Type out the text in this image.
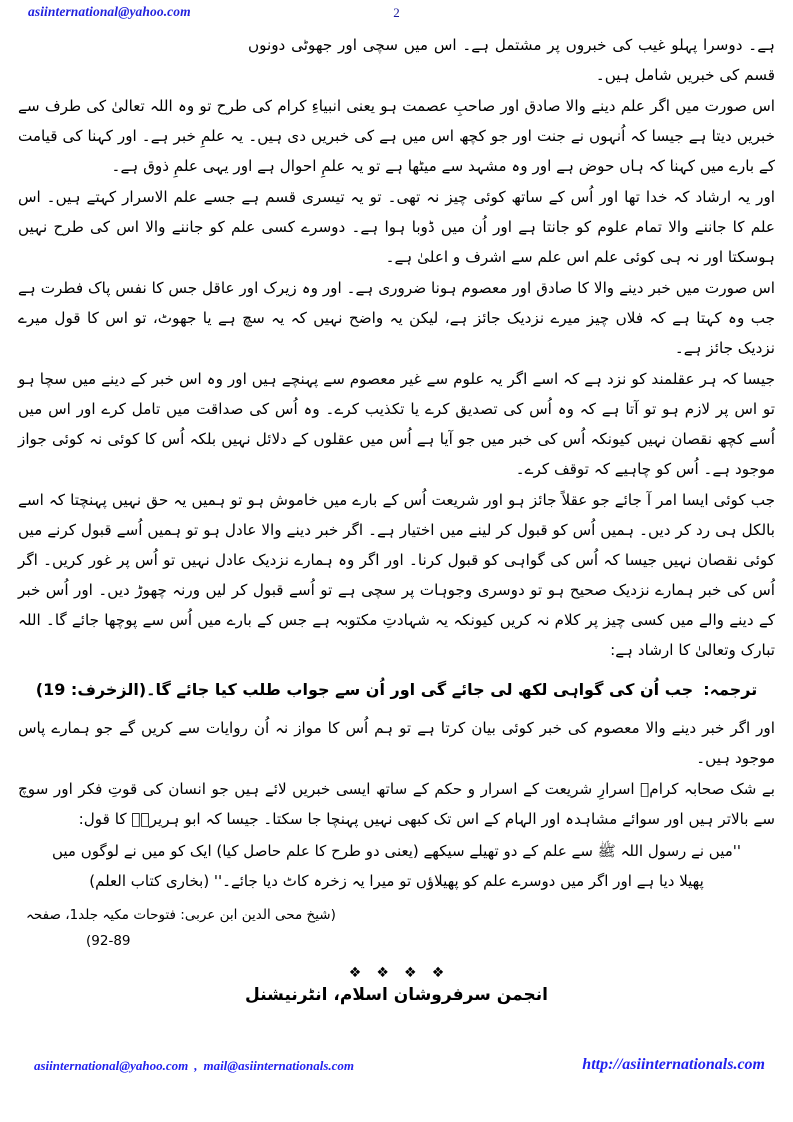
asiinternational@yahoo.com	2

ہے۔ دوسرا پہلو غیب کی خبروں پر مشتمل ہے۔ اس میں سچی اور جھوٹی دونوں قسم کی خبریں شامل ہیں۔

اس صورت میں اگر علم دینے والا صادق اور صاحبِ عصمت ہو یعنی انبیاءِ کرام کی طرح تو وہ اللہ تعالیٰ کی طرف سے خبریں دیتا ہے جیسا کہ اُنہوں نے جنت اور جو کچھ اس میں ہے کی خبریں دی ہیں۔ یہ علمِ خبر ہے۔ اور کہنا کی قیامت کے بارے میں کہنا کہ ہاں حوض ہے اور وہ مشہد سے میٹھا ہے تو یہ علمِ احوال ہے اور یہی علمِ ذوق ہے۔

اور یہ ارشاد کہ خدا تھا اور اُس کے ساتھ کوئی چیز نہ تھی۔ تو یہ تیسری قسم ہے جسے علم الاسرار کہتے ہیں۔ اس علم کا جاننے والا تمام علوم کو جانتا ہے اور اُن میں ڈوبا ہوا ہے۔ دوسرے کسی علم کو جاننے والا اس کی طرح نہیں ہوسکتا اور نہ ہی کوئی علم اس علم سے اشرف و اعلیٰ ہے۔

اس صورت میں خبر دینے والا کا صادق اور معصوم ہونا ضروری ہے۔ اور وہ زیرک اور عاقل جس کا نفس پاک فطرت ہے جب وہ کہتا ہے کہ فلاں چیز میرے نزدیک جائز ہے، لیکن یہ واضح نہیں کہ یہ سچ ہے یا جھوٹ، تو اس کا قول میرے نزدیک جائز ہے۔

جیسا کہ ہر عقلمند کو نزد ہے کہ اسے اگر یہ علوم سے غیر معصوم سے پہنچے ہیں اور وہ اس خبر کے دینے میں سچا ہو تو اس پر لازم ہو تو آتا ہے کہ وہ اُس کی تصدیق کرے یا تکذیب کرے۔ وہ اُس کی صداقت میں تامل کرے اور اس میں اُسے کچھ نقصان نہیں کیونکہ اُس کی خبر میں جو آیا ہے اُس میں عقلوں کے دلائل نہیں بلکہ اُس کا کوئی نہ کوئی جواز موجود ہے۔ اُس کو چاہیے کہ توقف کرے۔

جب کوئی ایسا امر آ جائے جو عقلاً جائز ہو اور شریعت اُس کے بارے میں خاموش ہو تو ہمیں یہ حق نہیں پہنچتا کہ اسے بالکل ہی رد کر دیں۔ ہمیں اُس کو قبول کر لینے میں اختیار ہے۔ اگر خبر دینے والا عادل ہو تو ہمیں اُسے قبول کرنے میں کوئی نقصان نہیں جیسا کہ اُس کی گواہی کو قبول کرنا۔ اور اگر وہ ہمارے نزدیک عادل نہیں تو اُس پر غور کریں۔ اگر اُس کی خبر ہمارے نزدیک صحیح ہو تو دوسری وجوہات پر سچی ہے تو اُسے قبول کر لیں ورنہ چھوڑ دیں۔ اور اُس خبر کے دینے والے میں کسی چیز پر کلام نہ کریں کیونکہ یہ شہادتِ مکتوبہ ہے جس کے بارے میں اُس سے پوچھا جائے گا۔ اللہ تبارک وتعالیٰ کا ارشاد ہے:

ترجمہ:جب اُن کی گواہی لکھ لی جائے گی اور اُن سے جواب طلب کیا جائے گا۔(الزخرف: 19)

اور اگر خبر دینے والا معصوم کی خبر کوئی بیان کرتا ہے تو ہم اُس کا مواز نہ اُن روایات سے کریں گے جو ہمارے پاس موجود ہیں۔

بے شک صحابہ کرامؓ اسرارِ شریعت کے اسرار و حکم کے ساتھ ایسی خبریں لائے ہیں جو انسان کی قوتِ فکر اور سوچ سے بالاتر ہیں اور سوائے مشاہدہ اور الہام کے اس تک کبھی نہیں پہنچا جا سکتا۔ جیسا کہ ابو ہریرہؓ کا قول:

''میں نے رسول اللہ ﷺ سے علم کے دو تھیلے سیکھے (یعنی دو طرح کا علم حاصل کیا) ایک کو میں نے لوگوں میں
پھیلا دیا ہے اور اگر میں دوسرے علم کو پھیلاؤں تو میرا یہ زخرہ کاٹ دیا جائے۔'' (بخاری کتاب العلم)
(شیخ محی الدین ابن عربی: فتوحات مکیہ جلد1، صفحہ
92-89)
❖ ❖ ❖ ❖
انجمن سرفروشان اسلام، انٹرنیشنل
asiinternational@yahoo.com , mail@asiinternationals.com	http://asiinternationals.com
